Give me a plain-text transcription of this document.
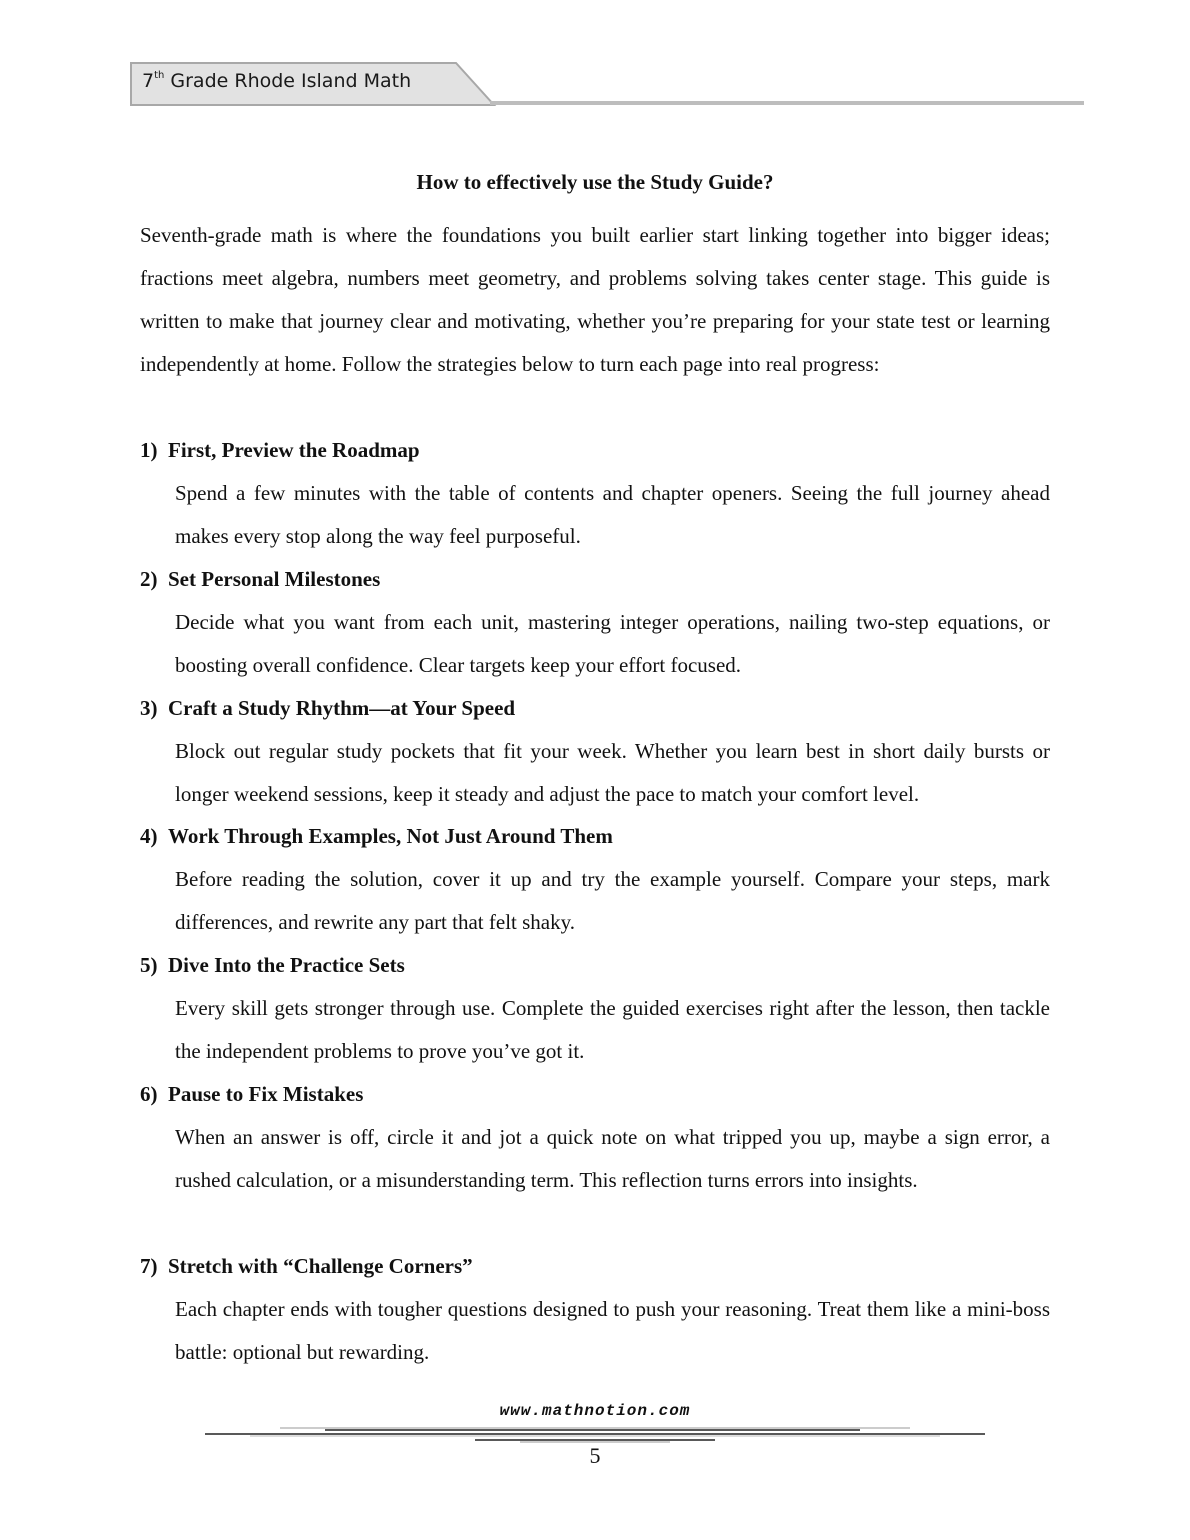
7th Grade Rhode Island Math
How to effectively use the Study Guide?
Seventh-grade math is where the foundations you built earlier start linking together into bigger ideas; fractions meet algebra, numbers meet geometry, and problems solving takes center stage. This guide is written to make that journey clear and motivating, whether you’re preparing for your state test or learning independently at home. Follow the strategies below to turn each page into real progress:
1) First, Preview the Roadmap
Spend a few minutes with the table of contents and chapter openers. Seeing the full journey ahead makes every stop along the way feel purposeful.
2) Set Personal Milestones
Decide what you want from each unit, mastering integer operations, nailing two-step equations, or boosting overall confidence. Clear targets keep your effort focused.
3) Craft a Study Rhythm—at Your Speed
Block out regular study pockets that fit your week. Whether you learn best in short daily bursts or longer weekend sessions, keep it steady and adjust the pace to match your comfort level.
4) Work Through Examples, Not Just Around Them
Before reading the solution, cover it up and try the example yourself. Compare your steps, mark differences, and rewrite any part that felt shaky.
5) Dive Into the Practice Sets
Every skill gets stronger through use. Complete the guided exercises right after the lesson, then tackle the independent problems to prove you’ve got it.
6) Pause to Fix Mistakes
When an answer is off, circle it and jot a quick note on what tripped you up, maybe a sign error, a rushed calculation, or a misunderstanding term. This reflection turns errors into insights.
7) Stretch with “Challenge Corners”
Each chapter ends with tougher questions designed to push your reasoning. Treat them like a mini-boss battle: optional but rewarding.
www.mathnotion.com
5
